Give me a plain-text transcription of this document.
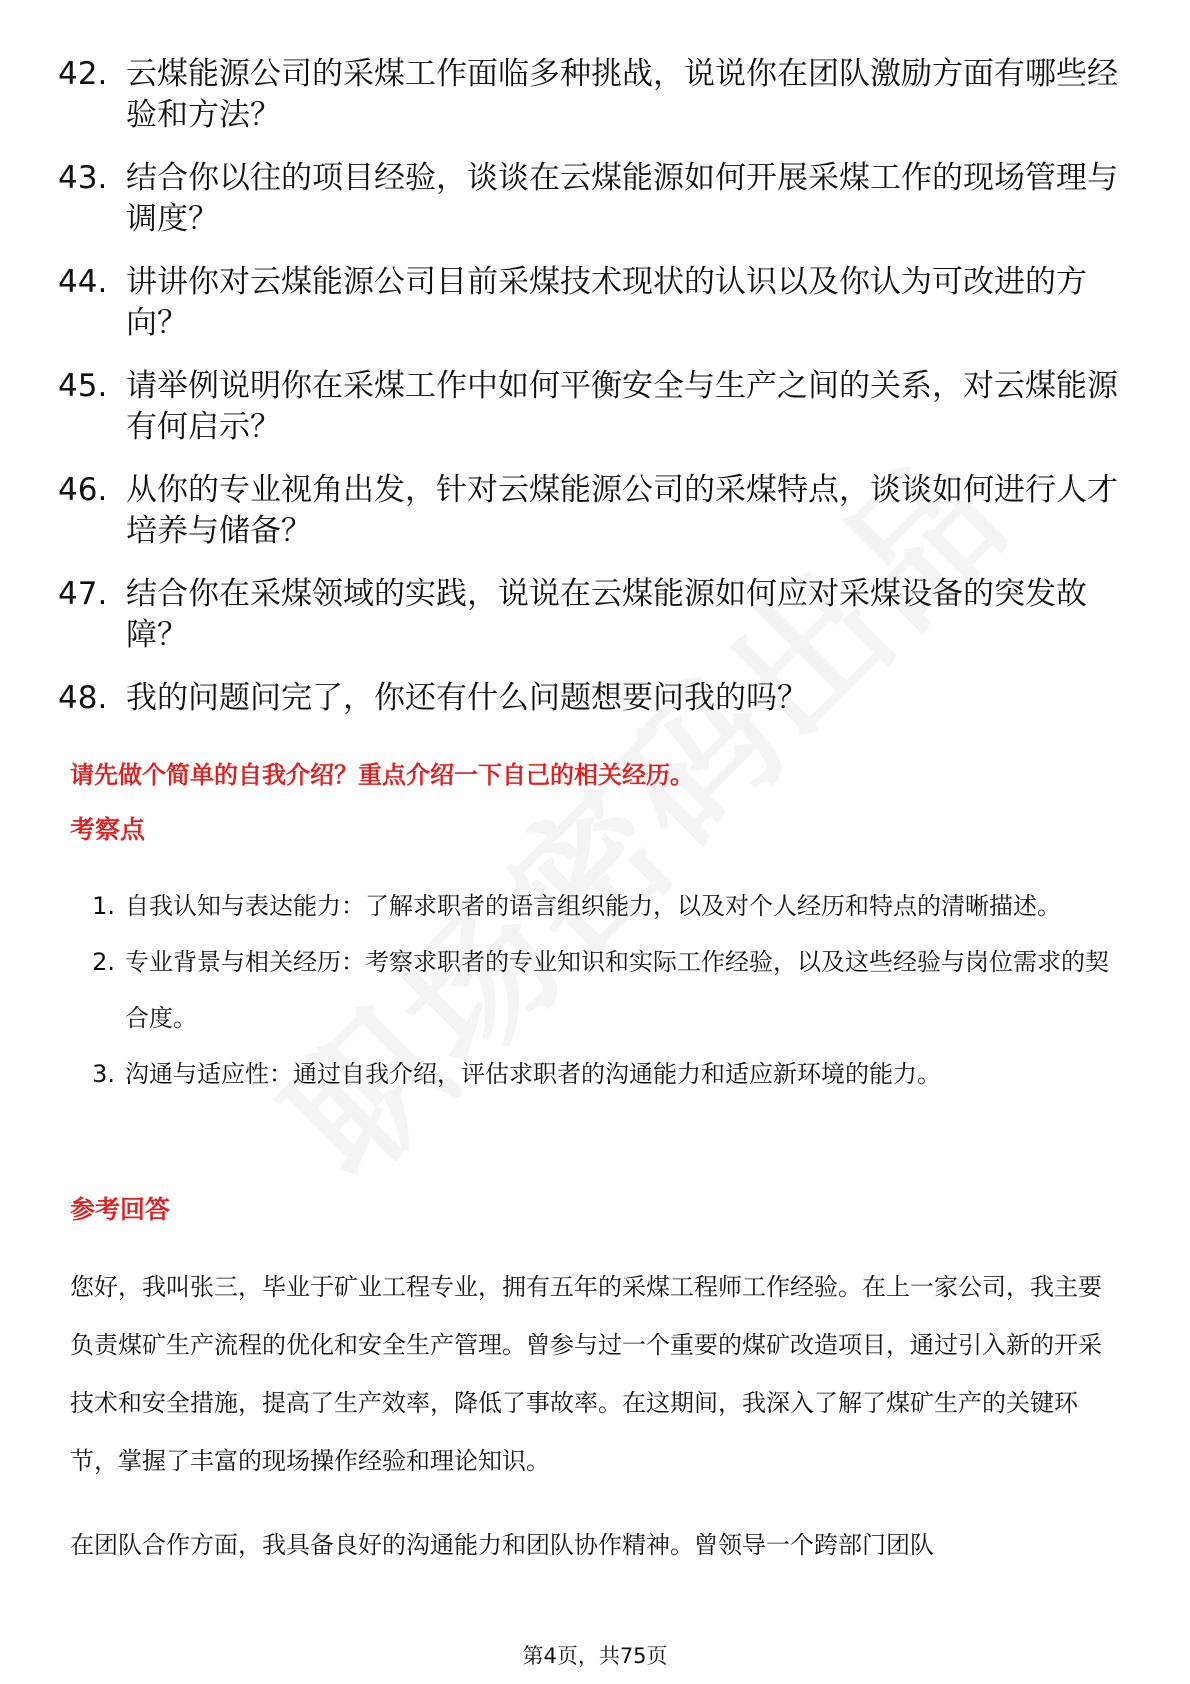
42. 云煤能源公司的采煤工作面临多种挑战，说说你在团队激励方面有哪些经验和方法？
43. 结合你以往的项目经验，谈谈在云煤能源如何开展采煤工作的现场管理与调度？
44. 讲讲你对云煤能源公司目前采煤技术现状的认识以及你认为可改进的方向？
45. 请举例说明你在采煤工作中如何平衡安全与生产之间的关系，对云煤能源有何启示？
46. 从你的专业视角出发，针对云煤能源公司的采煤特点，谈谈如何进行人才培养与储备？
47. 结合你在采煤领域的实践，说说在云煤能源如何应对采煤设备的突发故障？
48. 我的问题问完了，你还有什么问题想要问我的吗？
请先做个简单的自我介绍？重点介绍一下自己的相关经历。
考察点
1. 自我认知与表达能力：了解求职者的语言组织能力，以及对个人经历和特点的清晰描述。
2. 专业背景与相关经历：考察求职者的专业知识和实际工作经验，以及这些经验与岗位需求的契合度。
3. 沟通与适应性：通过自我介绍，评估求职者的沟通能力和适应新环境的能力。
参考回答

您好，我叫张三，毕业于矿业工程专业，拥有五年的采煤工程师工作经验。在上一家公司，我主要负责煤矿生产流程的优化和安全生产管理。曾参与过一个重要的煤矿改造项目，通过引入新的开采技术和安全措施，提高了生产效率，降低了事故率。在这期间，我深入了解了煤矿生产的关键环节，掌握了丰富的现场操作经验和理论知识。

在团队合作方面，我具备良好的沟通能力和团队协作精神。曾领导一个跨部门团队

第4页，共75页
